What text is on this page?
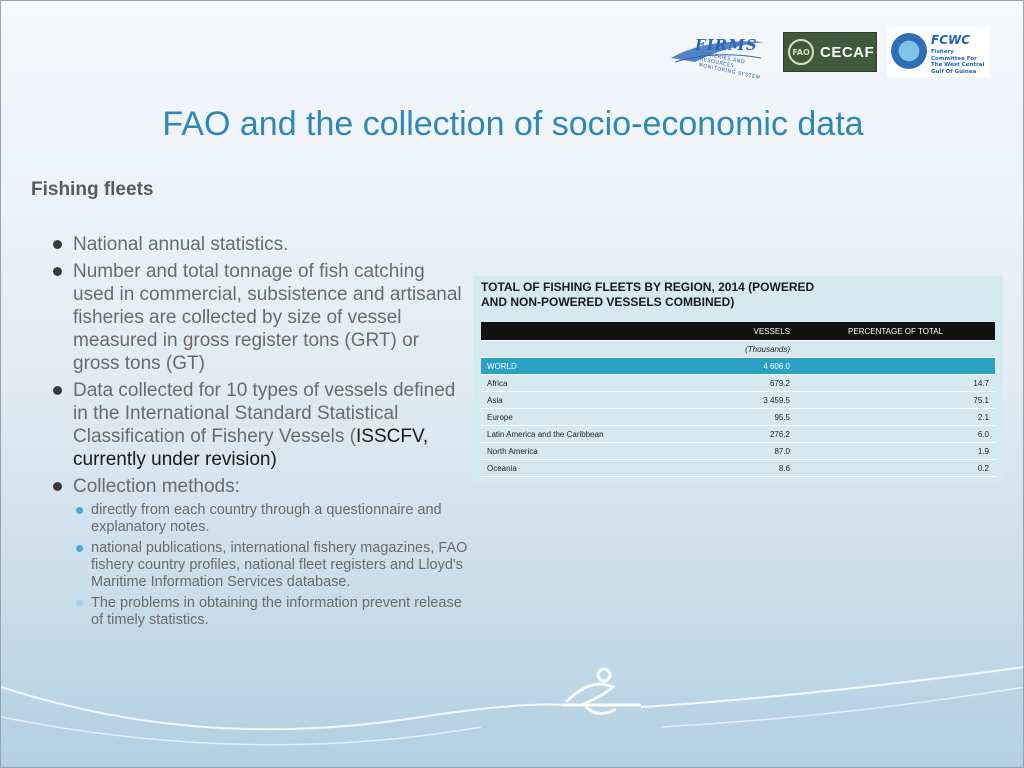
FIRMS
FISHERIES AND RESOURCES MONITORING SYSTEM
FAO CECAF
FCWC
Fishery Committee For The West Central Gulf Of Guinea
FAO and the collection of socio-economic data
Fishing fleets
National annual statistics.
Number and total tonnage of fish catching used in commercial, subsistence and artisanal fisheries are collected by size of vessel measured in gross register tons (GRT) or gross tons (GT)
Data collected for 10 types of vessels defined in the International Standard Statistical Classification of Fishery Vessels (ISSCFV, currently under revision)
Collection methods:
directly from each country through a questionnaire and explanatory notes.
national publications, international fishery magazines, FAO fishery country profiles, national fleet registers and Lloyd's Maritime Information Services database.
The problems in obtaining the information prevent release of timely statistics.

TOTAL OF FISHING FLEETS BY REGION, 2014 (POWERED AND NON-POWERED VESSELS COMBINED)

	VESSELS	PERCENTAGE OF TOTAL
	(Thousands)	
WORLD	4 606.0	
Africa	679.2	14.7
Asia	3 459.5	75.1
Europe	95.5	2.1
Latin America and the Caribbean	276.2	6.0
North America	87.0	1.9
Oceania	8.6	0.2
